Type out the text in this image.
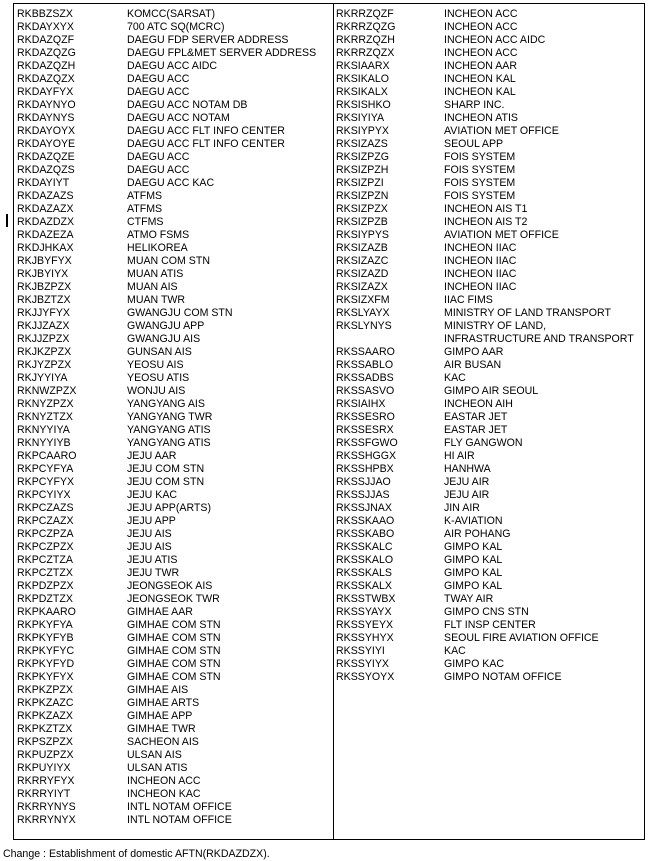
RKBBZSZX	KOMCC(SARSAT)
RKDAYXYX	700 ATC SQ(MCRC)
RKDAZQZF	DAEGU FDP SERVER ADDRESS
RKDAZQZG	DAEGU FPL&MET SERVER ADDRESS
RKDAZQZH	DAEGU ACC AIDC
RKDAZQZX	DAEGU ACC
RKDAYFYX	DAEGU ACC
RKDAYNYO	DAEGU ACC NOTAM DB
RKDAYNYS	DAEGU ACC NOTAM
RKDAYOYX	DAEGU ACC FLT INFO CENTER
RKDAYOYE	DAEGU ACC FLT INFO CENTER
RKDAZQZE	DAEGU ACC
RKDAZQZS	DAEGU ACC
RKDAYIYT	DAEGU ACC KAC
RKDAZAZS	ATFMS
RKDAZAZX	ATFMS
RKDAZDZX	CTFMS
RKDAZEZA	ATMO FSMS
RKDJHKAX	HELIKOREA
RKJBYFYX	MUAN COM STN
RKJBYIYX	MUAN ATIS
RKJBZPZX	MUAN AIS
RKJBZTZX	MUAN TWR
RKJJYFYX	GWANGJU COM STN
RKJJZAZX	GWANGJU APP
RKJJZPZX	GWANGJU AIS
RKJKZPZX	GUNSAN AIS
RKJYZPZX	YEOSU AIS
RKJYYIYA	YEOSU ATIS
RKNWZPZX	WONJU AIS
RKNYZPZX	YANGYANG AIS
RKNYZTZX	YANGYANG TWR
RKNYYIYA	YANGYANG ATIS
RKNYYIYB	YANGYANG ATIS
RKPCAARO	JEJU AAR
RKPCYFYA	JEJU COM STN
RKPCYFYX	JEJU COM STN
RKPCYIYX	JEJU KAC
RKPCZAZS	JEJU APP(ARTS)
RKPCZAZX	JEJU APP
RKPCZPZA	JEJU AIS
RKPCZPZX	JEJU AIS
RKPCZTZA	JEJU ATIS
RKPCZTZX	JEJU TWR
RKPDZPZX	JEONGSEOK AIS
RKPDZTZX	JEONGSEOK TWR
RKPKAARO	GIMHAE AAR
RKPKYFYA	GIMHAE COM STN
RKPKYFYB	GIMHAE COM STN
RKPKYFYC	GIMHAE COM STN
RKPKYFYD	GIMHAE COM STN
RKPKYFYX	GIMHAE COM STN
RKPKZPZX	GIMHAE AIS
RKPKZAZC	GIMHAE ARTS
RKPKZAZX	GIMHAE APP
RKPKZTZX	GIMHAE TWR
RKPSZPZX	SACHEON AIS
RKPUZPZX	ULSAN AIS
RKPUYIYX	ULSAN ATIS
RKRRYFYX	INCHEON ACC
RKRRYIYT	INCHEON KAC
RKRRYNYS	INTL NOTAM OFFICE
RKRRYNYX	INTL NOTAM OFFICE
RKRRZQZF	INCHEON ACC
RKRRZQZG	INCHEON ACC
RKRRZQZH	INCHEON ACC AIDC
RKRRZQZX	INCHEON ACC
RKSIAARX	INCHEON AAR
RKSIKALO	INCHEON KAL
RKSIKALX	INCHEON KAL
RKSISHKO	SHARP INC.
RKSIYIYA	INCHEON ATIS
RKSIYPYX	AVIATION MET OFFICE
RKSIZAZS	SEOUL APP
RKSIZPZG	FOIS SYSTEM
RKSIZPZH	FOIS SYSTEM
RKSIZPZI	FOIS SYSTEM
RKSIZPZN	FOIS SYSTEM
RKSIZPZX	INCHEON AIS T1
RKSIZPZB	INCHEON AIS T2
RKSIYPYS	AVIATION MET OFFICE
RKSIZAZB	INCHEON IIAC
RKSIZAZC	INCHEON IIAC
RKSIZAZD	INCHEON IIAC
RKSIZAZX	INCHEON IIAC
RKSIZXFM	IIAC FIMS
RKSLYAYX	MINISTRY OF LAND TRANSPORT
RKSLYNYS	MINISTRY OF LAND,
INFRASTRUCTURE AND TRANSPORT
RKSSAARO	GIMPO AAR
RKSSABLO	AIR BUSAN
RKSSADBS	KAC
RKSSASVO	GIMPO AIR SEOUL
RKSIAIHX	INCHEON AIH
RKSSESRO	EASTAR JET
RKSSESRX	EASTAR JET
RKSSFGWO	FLY GANGWON
RKSSHGGX	HI AIR
RKSSHPBX	HANHWA
RKSSJJAO	JEJU AIR
RKSSJJAS	JEJU AIR
RKSSJNAX	JIN AIR
RKSSKAAO	K-AVIATION
RKSSKABO	AIR POHANG
RKSSKALC	GIMPO KAL
RKSSKALO	GIMPO KAL
RKSSKALS	GIMPO KAL
RKSSKALX	GIMPO KAL
RKSSTWBX	TWAY AIR
RKSSYAYX	GIMPO CNS STN
RKSSYEYX	FLT INSP CENTER
RKSSYHYX	SEOUL FIRE AVIATION OFFICE
RKSSYIYI	KAC
RKSSYIYX	GIMPO KAC
RKSSYOYX	GIMPO NOTAM OFFICE
Change : Establishment of domestic AFTN(RKDAZDZX).
